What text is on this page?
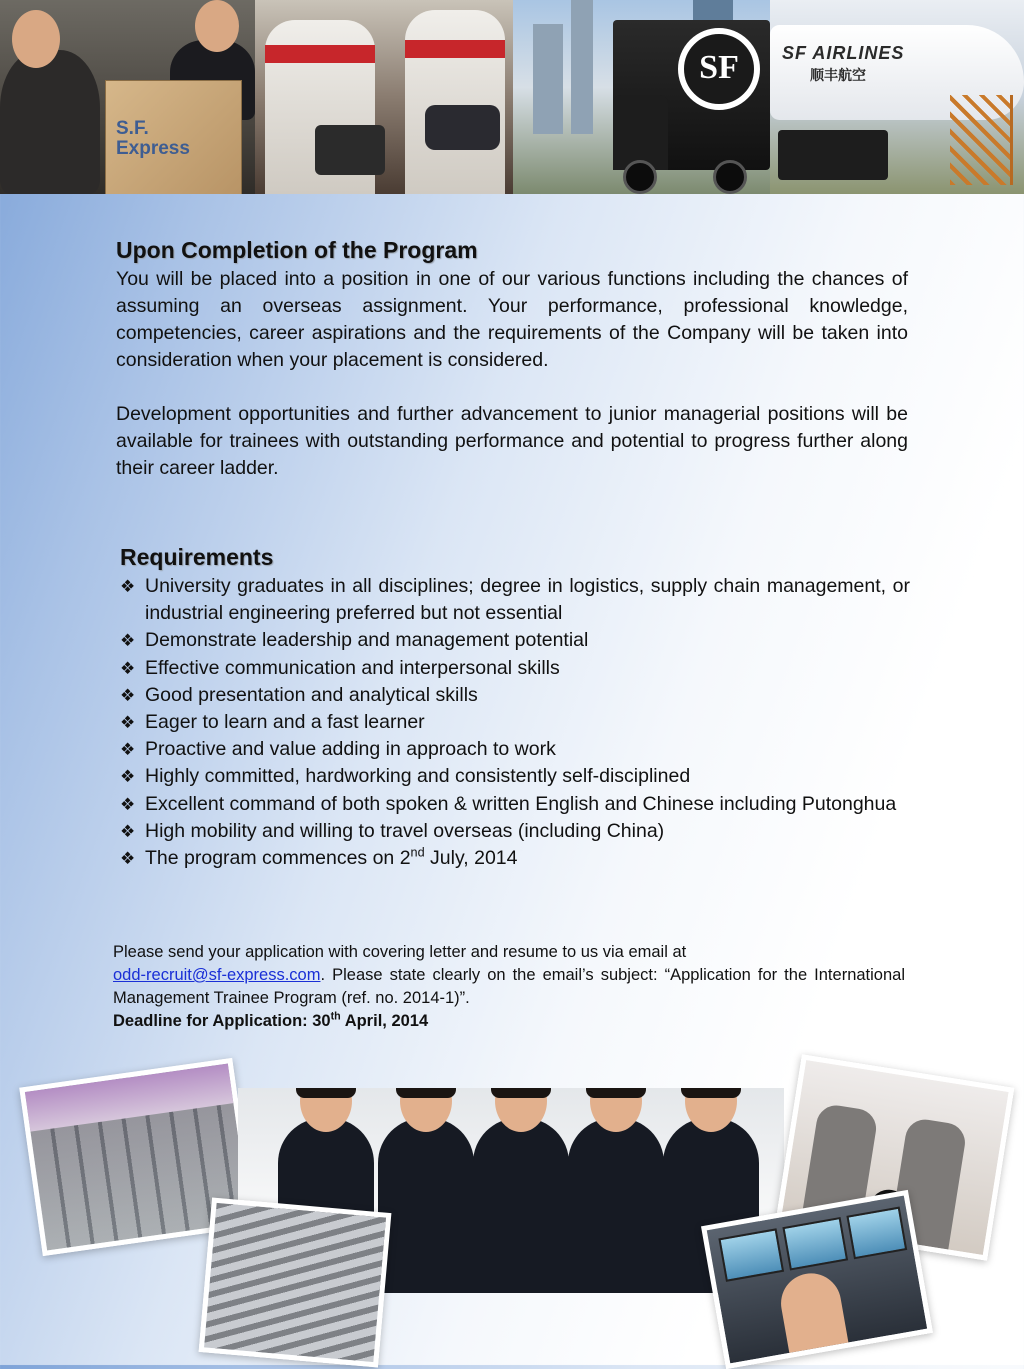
S.F.
Express
SF	SF AIRLINES
顺丰航空
Upon Completion of the Program

You will be placed into a position in one of our various functions including the chances of assuming an overseas assignment. Your performance, professional knowledge, competencies, career aspirations and the requirements of the Company will be taken into consideration when your placement is considered.

Development opportunities and further advancement to junior managerial positions will be available for trainees with outstanding performance and potential to progress further along their career ladder.

Requirements
❖ University graduates in all disciplines; degree in logistics, supply chain management, or industrial engineering preferred but not essential
❖ Demonstrate leadership and management potential
❖ Effective communication and interpersonal skills
❖ Good presentation and analytical skills
❖ Eager to learn and a fast learner
❖ Proactive and value adding in approach to work
❖ Highly committed, hardworking and consistently self-disciplined
❖ Excellent command of both spoken & written English and Chinese including Putonghua
❖ High mobility and willing to travel overseas (including China)
❖ The program commences on 2nd July, 2014

Please send your application with covering letter and resume to us via email at
odd-recruit@sf-express.com. Please state clearly on the email’s subject: “Application for the International Management Trainee Program (ref. no. 2014-1)”.

Deadline for Application: 30th April, 2014
